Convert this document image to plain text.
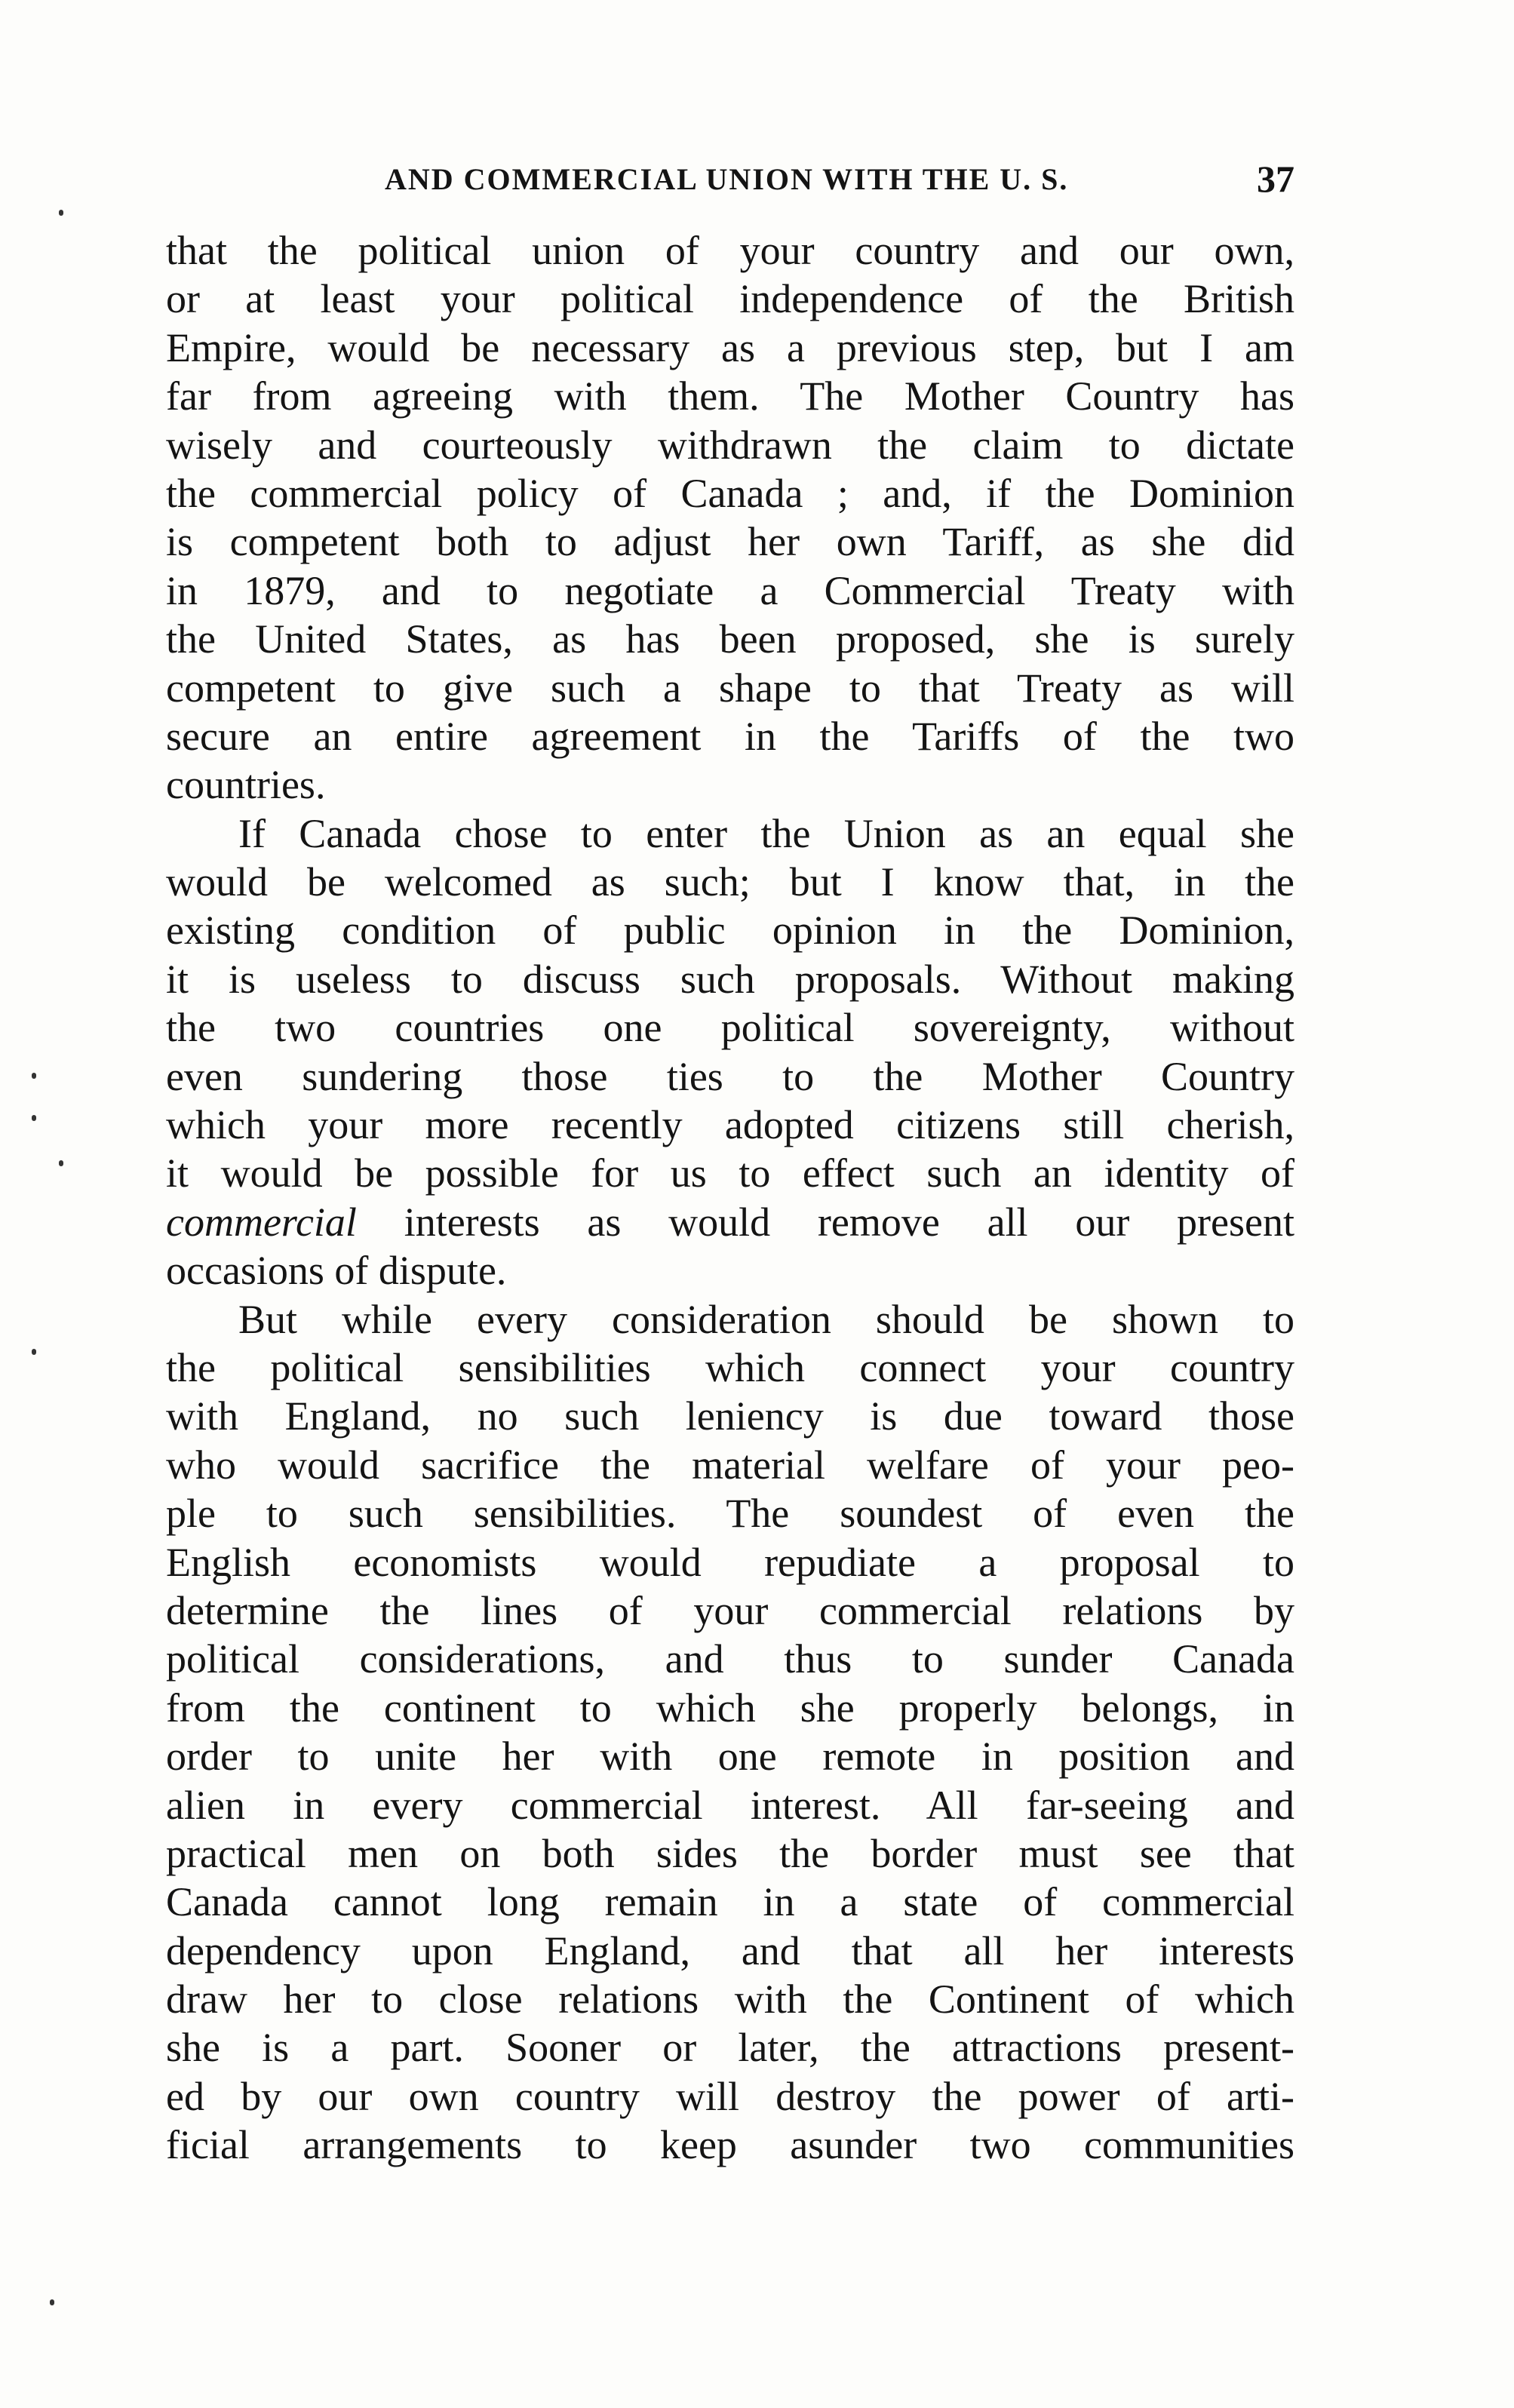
AND COMMERCIAL UNION WITH THE U. S.	37
that the political union of your country and our own,
or at least your political independence of the British
Empire, would be necessary as a previous step, but I am
far from agreeing with them. The Mother Country has
wisely and courteously withdrawn the claim to dictate
the commercial policy of Canada ; and, if the Dominion
is competent both to adjust her own Tariff, as she did
in 1879, and to negotiate a Commercial Treaty with
the United States, as has been proposed, she is surely
competent to give such a shape to that Treaty as will
secure an entire agreement in the Tariffs of the two
countries.
If Canada chose to enter the Union as an equal she
would be welcomed as such; but I know that, in the
existing condition of public opinion in the Dominion,
it is useless to discuss such proposals. Without making
the two countries one political sovereignty, without
even sundering those ties to the Mother Country
which your more recently adopted citizens still cherish,
it would be possible for us to effect such an identity of
commercial interests as would remove all our present
occasions of dispute.
But while every consideration should be shown to
the political sensibilities which connect your country
with England, no such leniency is due toward those
who would sacrifice the material welfare of your peo-
ple to such sensibilities. The soundest of even the
English economists would repudiate a proposal to
determine the lines of your commercial relations by
political considerations, and thus to sunder Canada
from the continent to which she properly belongs, in
order to unite her with one remote in position and
alien in every commercial interest. All far-seeing and
practical men on both sides the border must see that
Canada cannot long remain in a state of commercial
dependency upon England, and that all her interests
draw her to close relations with the Continent of which
she is a part. Sooner or later, the attractions present-
ed by our own country will destroy the power of arti-
ficial arrangements to keep asunder two communities
